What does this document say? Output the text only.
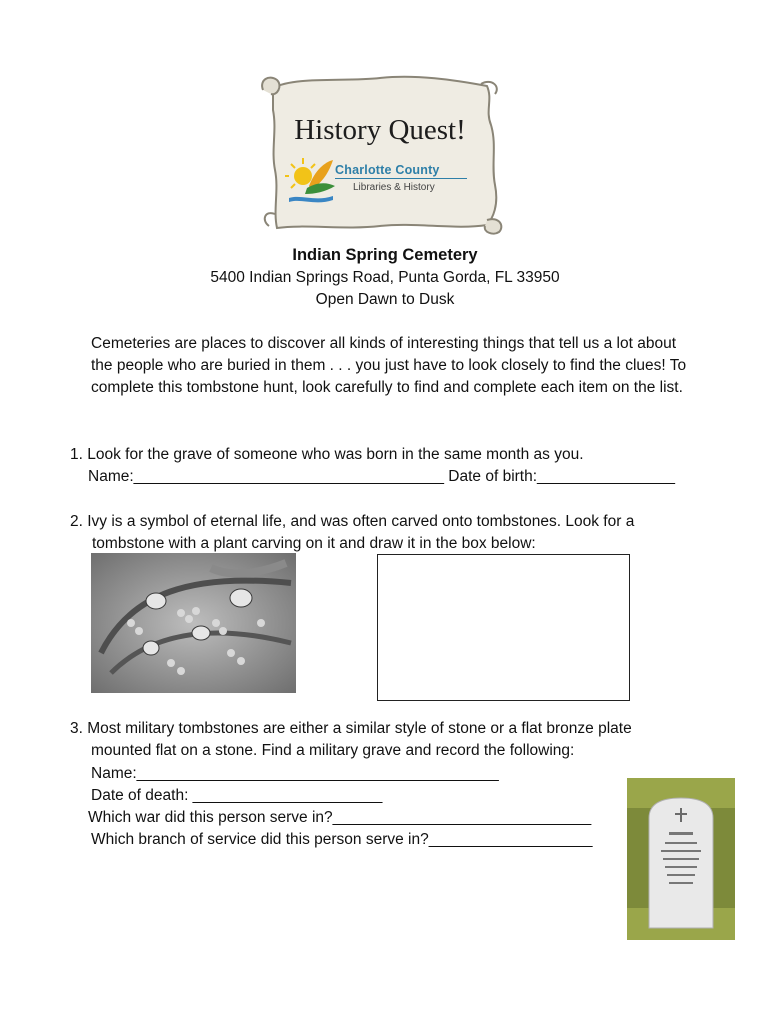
History Quest!
Charlotte County
Libraries & History
Indian Spring Cemetery
5400 Indian Springs Road, Punta Gorda, FL 33950
Open Dawn to Dusk
Cemeteries are places to discover all kinds of interesting things that tell us a lot about the people who are buried in them . . . you just have to look closely to find the clues! To complete this tombstone hunt, look carefully to find and complete each item on the list.
1. Look for the grave of someone who was born in the same month as you.
Name:____________________________________ Date of birth:________________
2. Ivy is a symbol of eternal life, and was often carved onto tombstones. Look for a
tombstone with a plant carving on it and draw it in the box below:
3. Most military tombstones are either a similar style of stone or a flat bronze plate
mounted flat on a stone. Find a military grave and record the following:
Name:__________________________________________
Date of death: ______________________
Which war did this person serve in?______________________________
Which branch of service did this person serve in?___________________
